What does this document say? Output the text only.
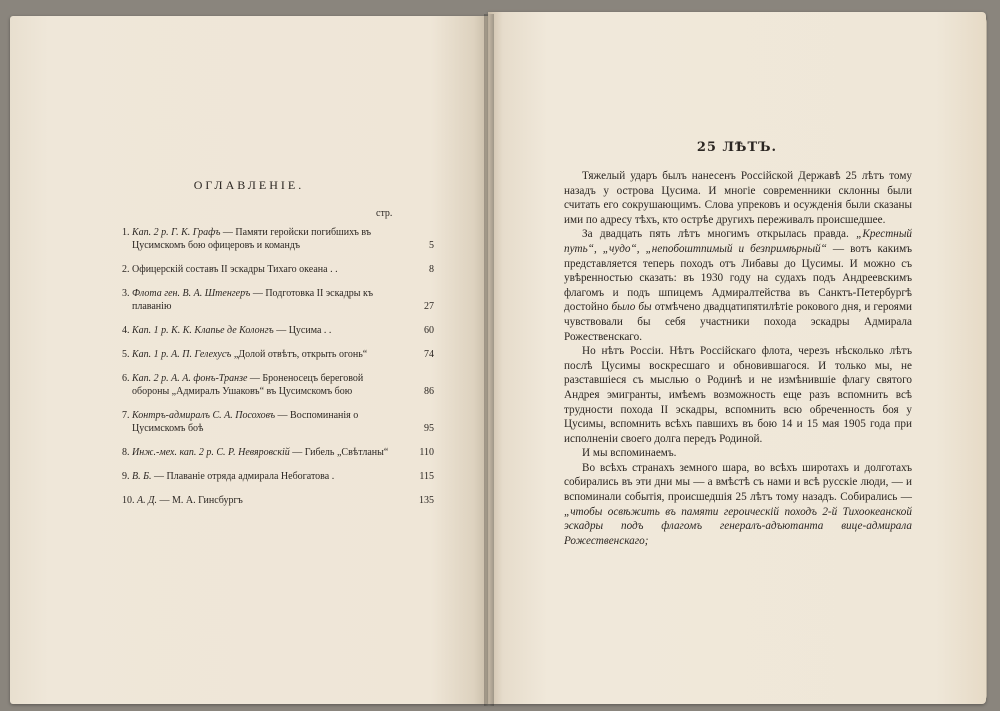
ОГЛАВЛЕНІЕ.
стр.
1. Кап. 2 р. Г. К. Графъ — Памяти геройски погибшихъ въ Цусимскомъ бою офицеровъ и командъ	5
2. Офицерскій составъ II эскадры Тихаго океана . .	8
3. Флота ген. В. А. Штенгеръ — Подготовка II эскадры къ плаванію	27
4. Кап. 1 р. К. К. Клапье де Колонгъ — Цусима . .	60
5. Кап. 1 р. А. П. Гелехусъ „Долой отвѣтъ, открыть огонь“	74
6. Кап. 2 р. А. А. фонъ-Транзе — Броненосецъ береговой обороны „Адмиралъ Ушаковъ“ въ Цусимскомъ бою	86
7. Контръ-адмиралъ С. А. Посоховъ — Воспоминанія о Цусимскомъ боѣ	95
8. Инж.-мех. кап. 2 р. С. Р. Невяровскій — Гибель „Свѣтланы“	110
9. В. Б. — Плаваніе отряда адмирала Небогатова .	115
10. А. Д. — М. А. Гинсбургъ	135
25 ЛѢТЪ.

Тяжелый ударъ былъ нанесенъ Россійской Державѣ 25 лѣтъ тому назадъ у острова Цусима. И многіе современники склонны были считать его сокрушающимъ. Слова упрековъ и осужденія были сказаны ими по адресу тѣхъ, кто острѣе другихъ переживалъ происшедшее.

За двадцать пять лѣтъ многимъ открылась правда. „Крестный путь“, „чудо“, „непобоштпимый и безпримѣрный“ — вотъ какимъ представляется теперь походъ отъ Либавы до Цусимы. И можно съ увѣренностью сказать: въ 1930 году на судахъ подъ Андреевскимъ флагомъ и подъ шпицемъ Адмиралтейства въ Санктъ-Петербургѣ достойно было бы отмѣчено двадцатипятилѣтіе рокового дня, и героями чувствовали бы себя участники похода эскадры Адмирала Рожественскаго.

Но нѣтъ Россіи. Нѣтъ Россійскаго флота, черезъ нѣсколько лѣтъ послѣ Цусимы воскресшаго и обновившагося. И только мы, не разставшіеся съ мыслью о Родинѣ и не измѣнившіе флагу святого Андрея эмигранты, имѣемъ возможность еще разъ вспомнить всѣ трудности похода II эскадры, вспомнить всю обреченность боя у Цусимы, вспомнить всѣхъ павшихъ въ бою 14 и 15 мая 1905 года при исполненіи своего долга передъ Родиной.

И мы вспоминаемъ.

Во всѣхъ странахъ земного шара, во всѣхъ широтахъ и долготахъ собирались въ эти дни мы — а вмѣстѣ съ нами и всѣ русскіе люди, — и вспоминали событія, происшедшія 25 лѣтъ тому назадъ. Собирались — „чтобы освѣжить въ памяти героическій походъ 2-й Тихоокеанской эскадры подъ флагомъ генералъ-адъютанта вице-адмирала Рожественскаго;
